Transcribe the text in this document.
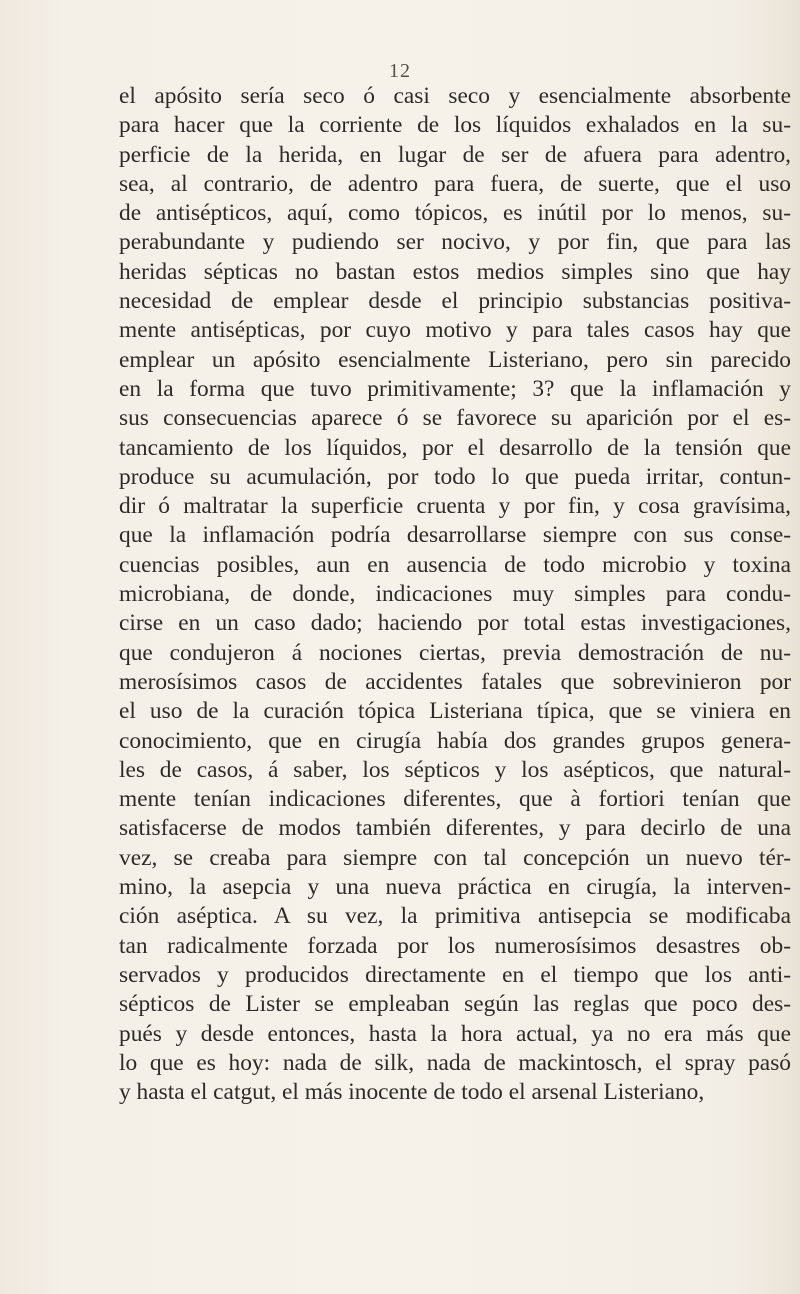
12
el apósito sería seco ó casi seco y esencialmente absorbente
para hacer que la corriente de los líquidos exhalados en la su-
perficie de la herida, en lugar de ser de afuera para adentro,
sea, al contrario, de adentro para fuera, de suerte, que el uso
de antisépticos, aquí, como tópicos, es inútil por lo menos, su-
perabundante y pudiendo ser nocivo, y por fin, que para las
heridas sépticas no bastan estos medios simples sino que hay
necesidad de emplear desde el principio substancias positiva-
mente antisépticas, por cuyo motivo y para tales casos hay que
emplear un apósito esencialmente Listeriano, pero sin parecido
en la forma que tuvo primitivamente; 3? que la inflamación y
sus consecuencias aparece ó se favorece su aparición por el es-
tancamiento de los líquidos, por el desarrollo de la tensión que
produce su acumulación, por todo lo que pueda irritar, contun-
dir ó maltratar la superficie cruenta y por fin, y cosa gravísima,
que la inflamación podría desarrollarse siempre con sus conse-
cuencias posibles, aun en ausencia de todo microbio y toxina
microbiana, de donde, indicaciones muy simples para condu-
cirse en un caso dado; haciendo por total estas investigaciones,
que condujeron á nociones ciertas, previa demostración de nu-
merosísimos casos de accidentes fatales que sobrevinieron por
el uso de la curación tópica Listeriana típica, que se viniera en
conocimiento, que en cirugía había dos grandes grupos genera-
les de casos, á saber, los sépticos y los asépticos, que natural-
mente tenían indicaciones diferentes, que à fortiori tenían que
satisfacerse de modos también diferentes, y para decirlo de una
vez, se creaba para siempre con tal concepción un nuevo tér-
mino, la asepcia y una nueva práctica en cirugía, la interven-
ción aséptica. A su vez, la primitiva antisepcia se modificaba
tan radicalmente forzada por los numerosísimos desastres ob-
servados y producidos directamente en el tiempo que los anti-
sépticos de Lister se empleaban según las reglas que poco des-
pués y desde entonces, hasta la hora actual, ya no era más que
lo que es hoy: nada de silk, nada de mackintosch, el spray pasó
y hasta el catgut, el más inocente de todo el arsenal Listeriano,
